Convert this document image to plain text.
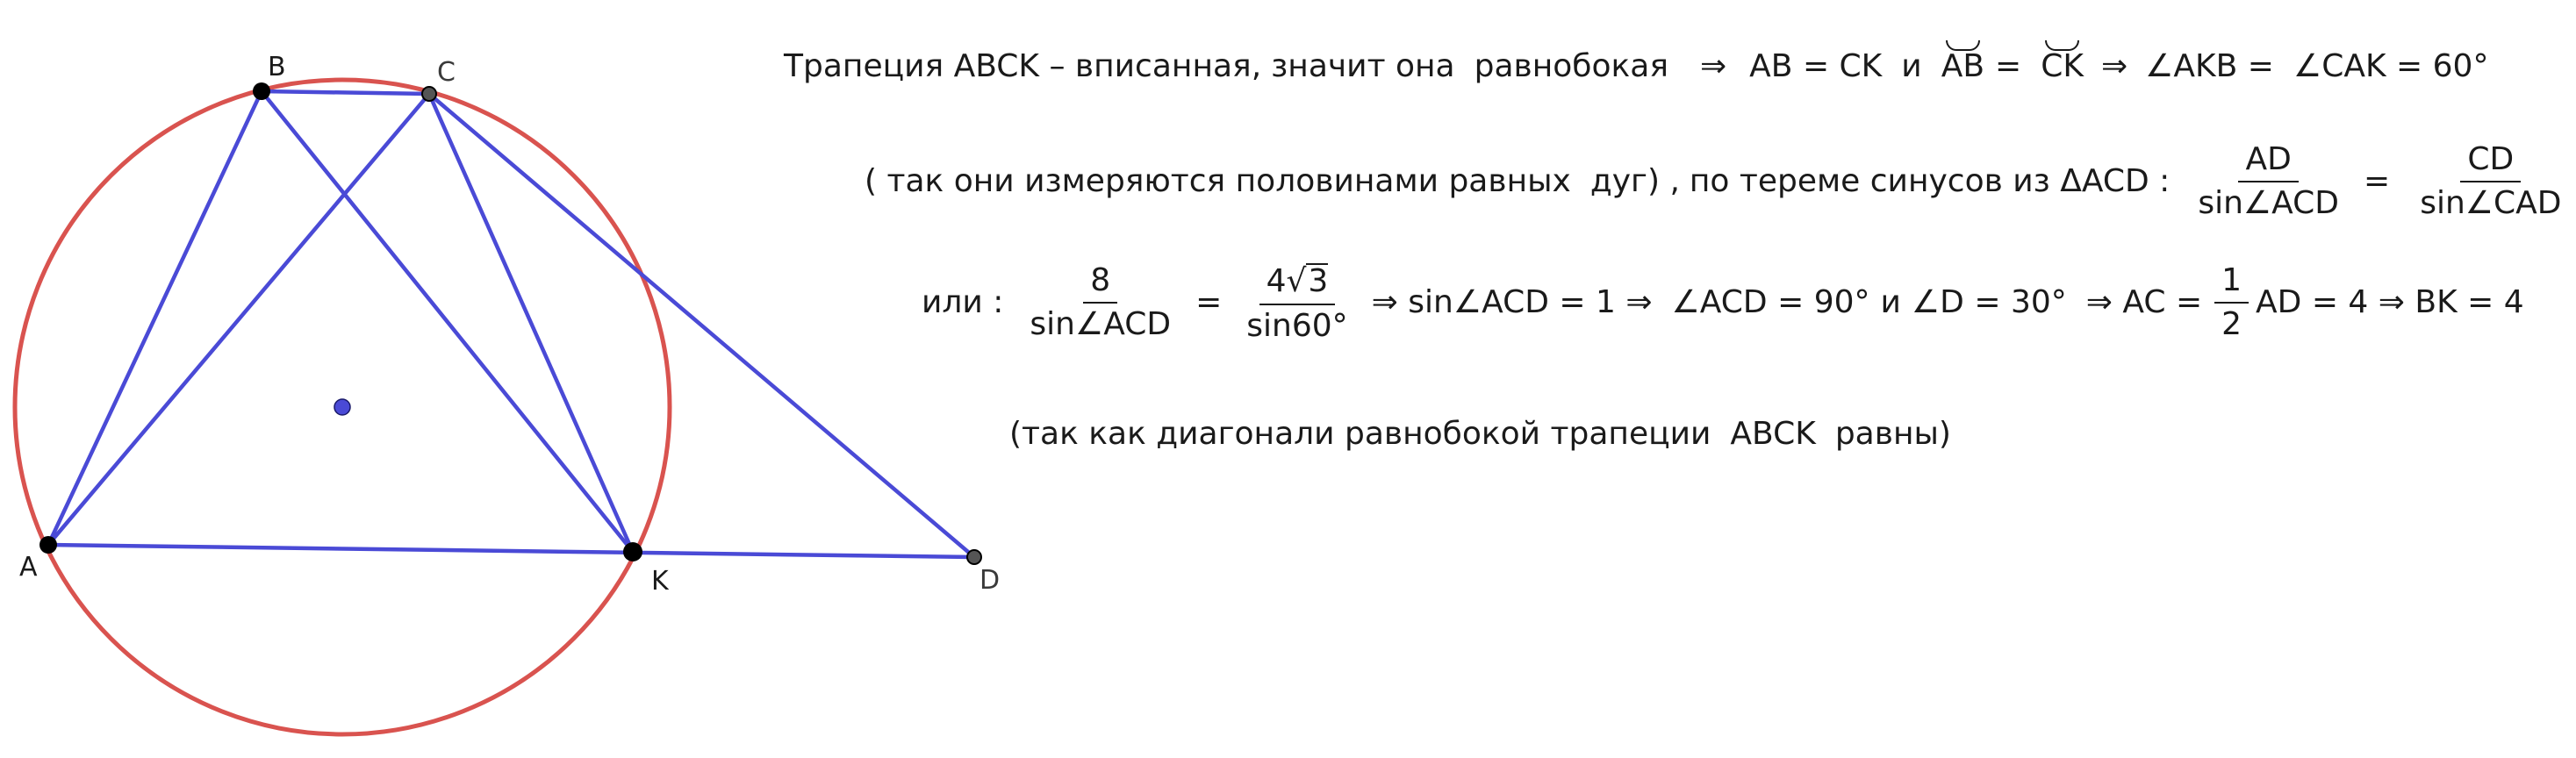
A
B	C
K	D
Трапеция ABCK – вписанная, значит она равнобокая ⇒ AB = CK и AB = CK ⇒ ∠AKB = ∠CAK = 60°
( так они измеряются половинами равных дуг) , по тереме синусов из ΔACD : $\frac{AD}{\text{sin∠ACD}} = \frac{CD}{\text{sin∠CAD}}$
или : $\frac{8}{\text{sin∠ACD}} = \frac{4√3}{\sin 60^\circ}$ ⇒ sin∠ACD = 1 ⇒ ∠ACD = 90° и ∠D = 30° ⇒ AC = $\frac{1}{2}$ AD = 4 ⇒ BK = 4
(так как диагонали равнобокой трапеции ABCK равны)
